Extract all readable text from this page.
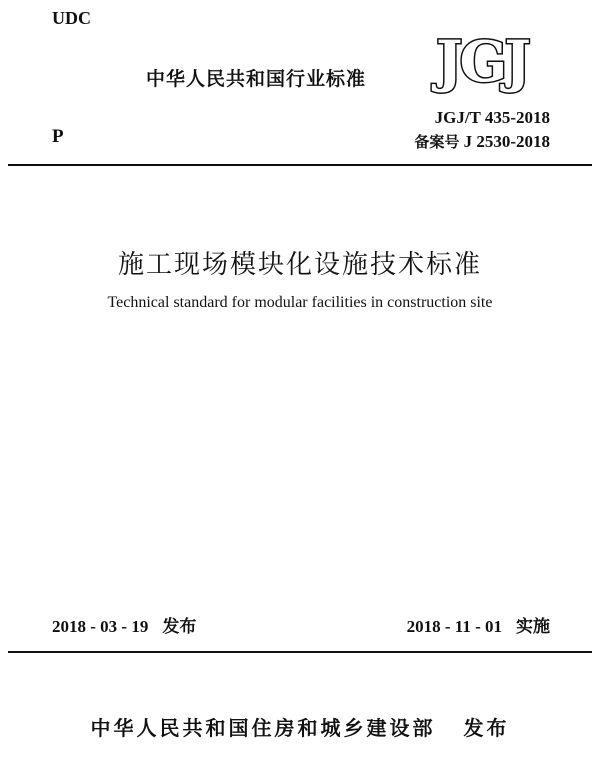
UDC
中华人民共和国行业标准 JGJ
P
JGJ/T 435-2018
备案号 J 2530-2018
施工现场模块化设施技术标准
Technical standard for modular facilities in construction site
2018 - 03 - 19 发布	2018 - 11 - 01 实施
中华人民共和国住房和城乡建设部 发布
